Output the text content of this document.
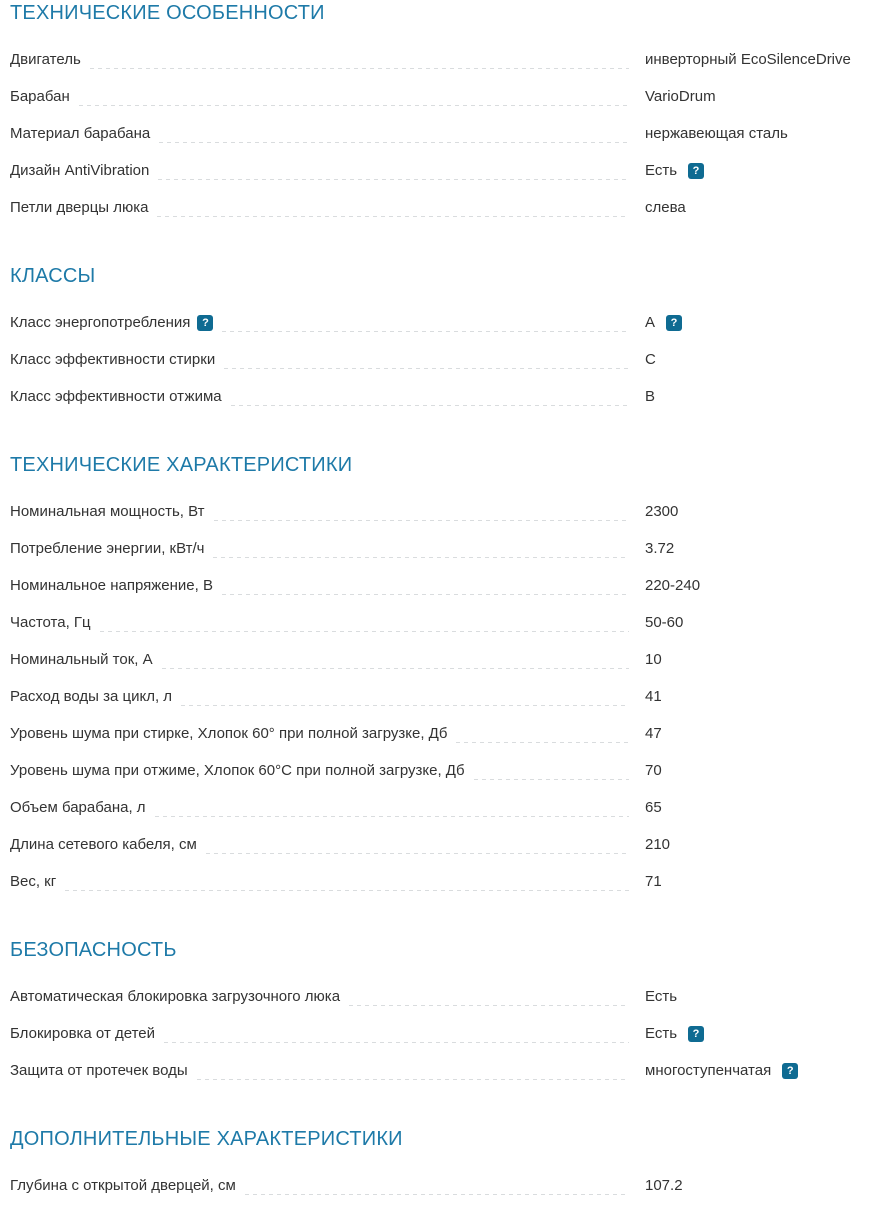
ТЕХНИЧЕСКИЕ ОСОБЕННОСТИ
Двигатель	инверторный EcoSilenceDrive
Барабан	VarioDrum
Материал барабана	нержавеющая сталь
Дизайн AntiVibration	Есть	?
Петли дверцы люка	слева
КЛАССЫ
Класс энергопотребления	?	A	?
Класс эффективности стирки	C
Класс эффективности отжима	B
ТЕХНИЧЕСКИЕ ХАРАКТЕРИСТИКИ
Номинальная мощность, Вт	2300
Потребление энергии, кВт/ч	3.72
Номинальное напряжение, В	220-240
Частота, Гц	50-60
Номинальный ток, А	10
Расход воды за цикл, л	41
Уровень шума при стирке, Хлопок 60° при полной загрузке, Дб	47
Уровень шума при отжиме, Хлопок 60°С при полной загрузке, Дб	70
Объем барабана, л	65
Длина сетевого кабеля, см	210
Вес, кг	71
БЕЗОПАСНОСТЬ
Автоматическая блокировка загрузочного люка	Есть
Блокировка от детей	Есть	?
Защита от протечек воды	многоступенчатая	?
ДОПОЛНИТЕЛЬНЫЕ ХАРАКТЕРИСТИКИ
Глубина с открытой дверцей, см	107.2
